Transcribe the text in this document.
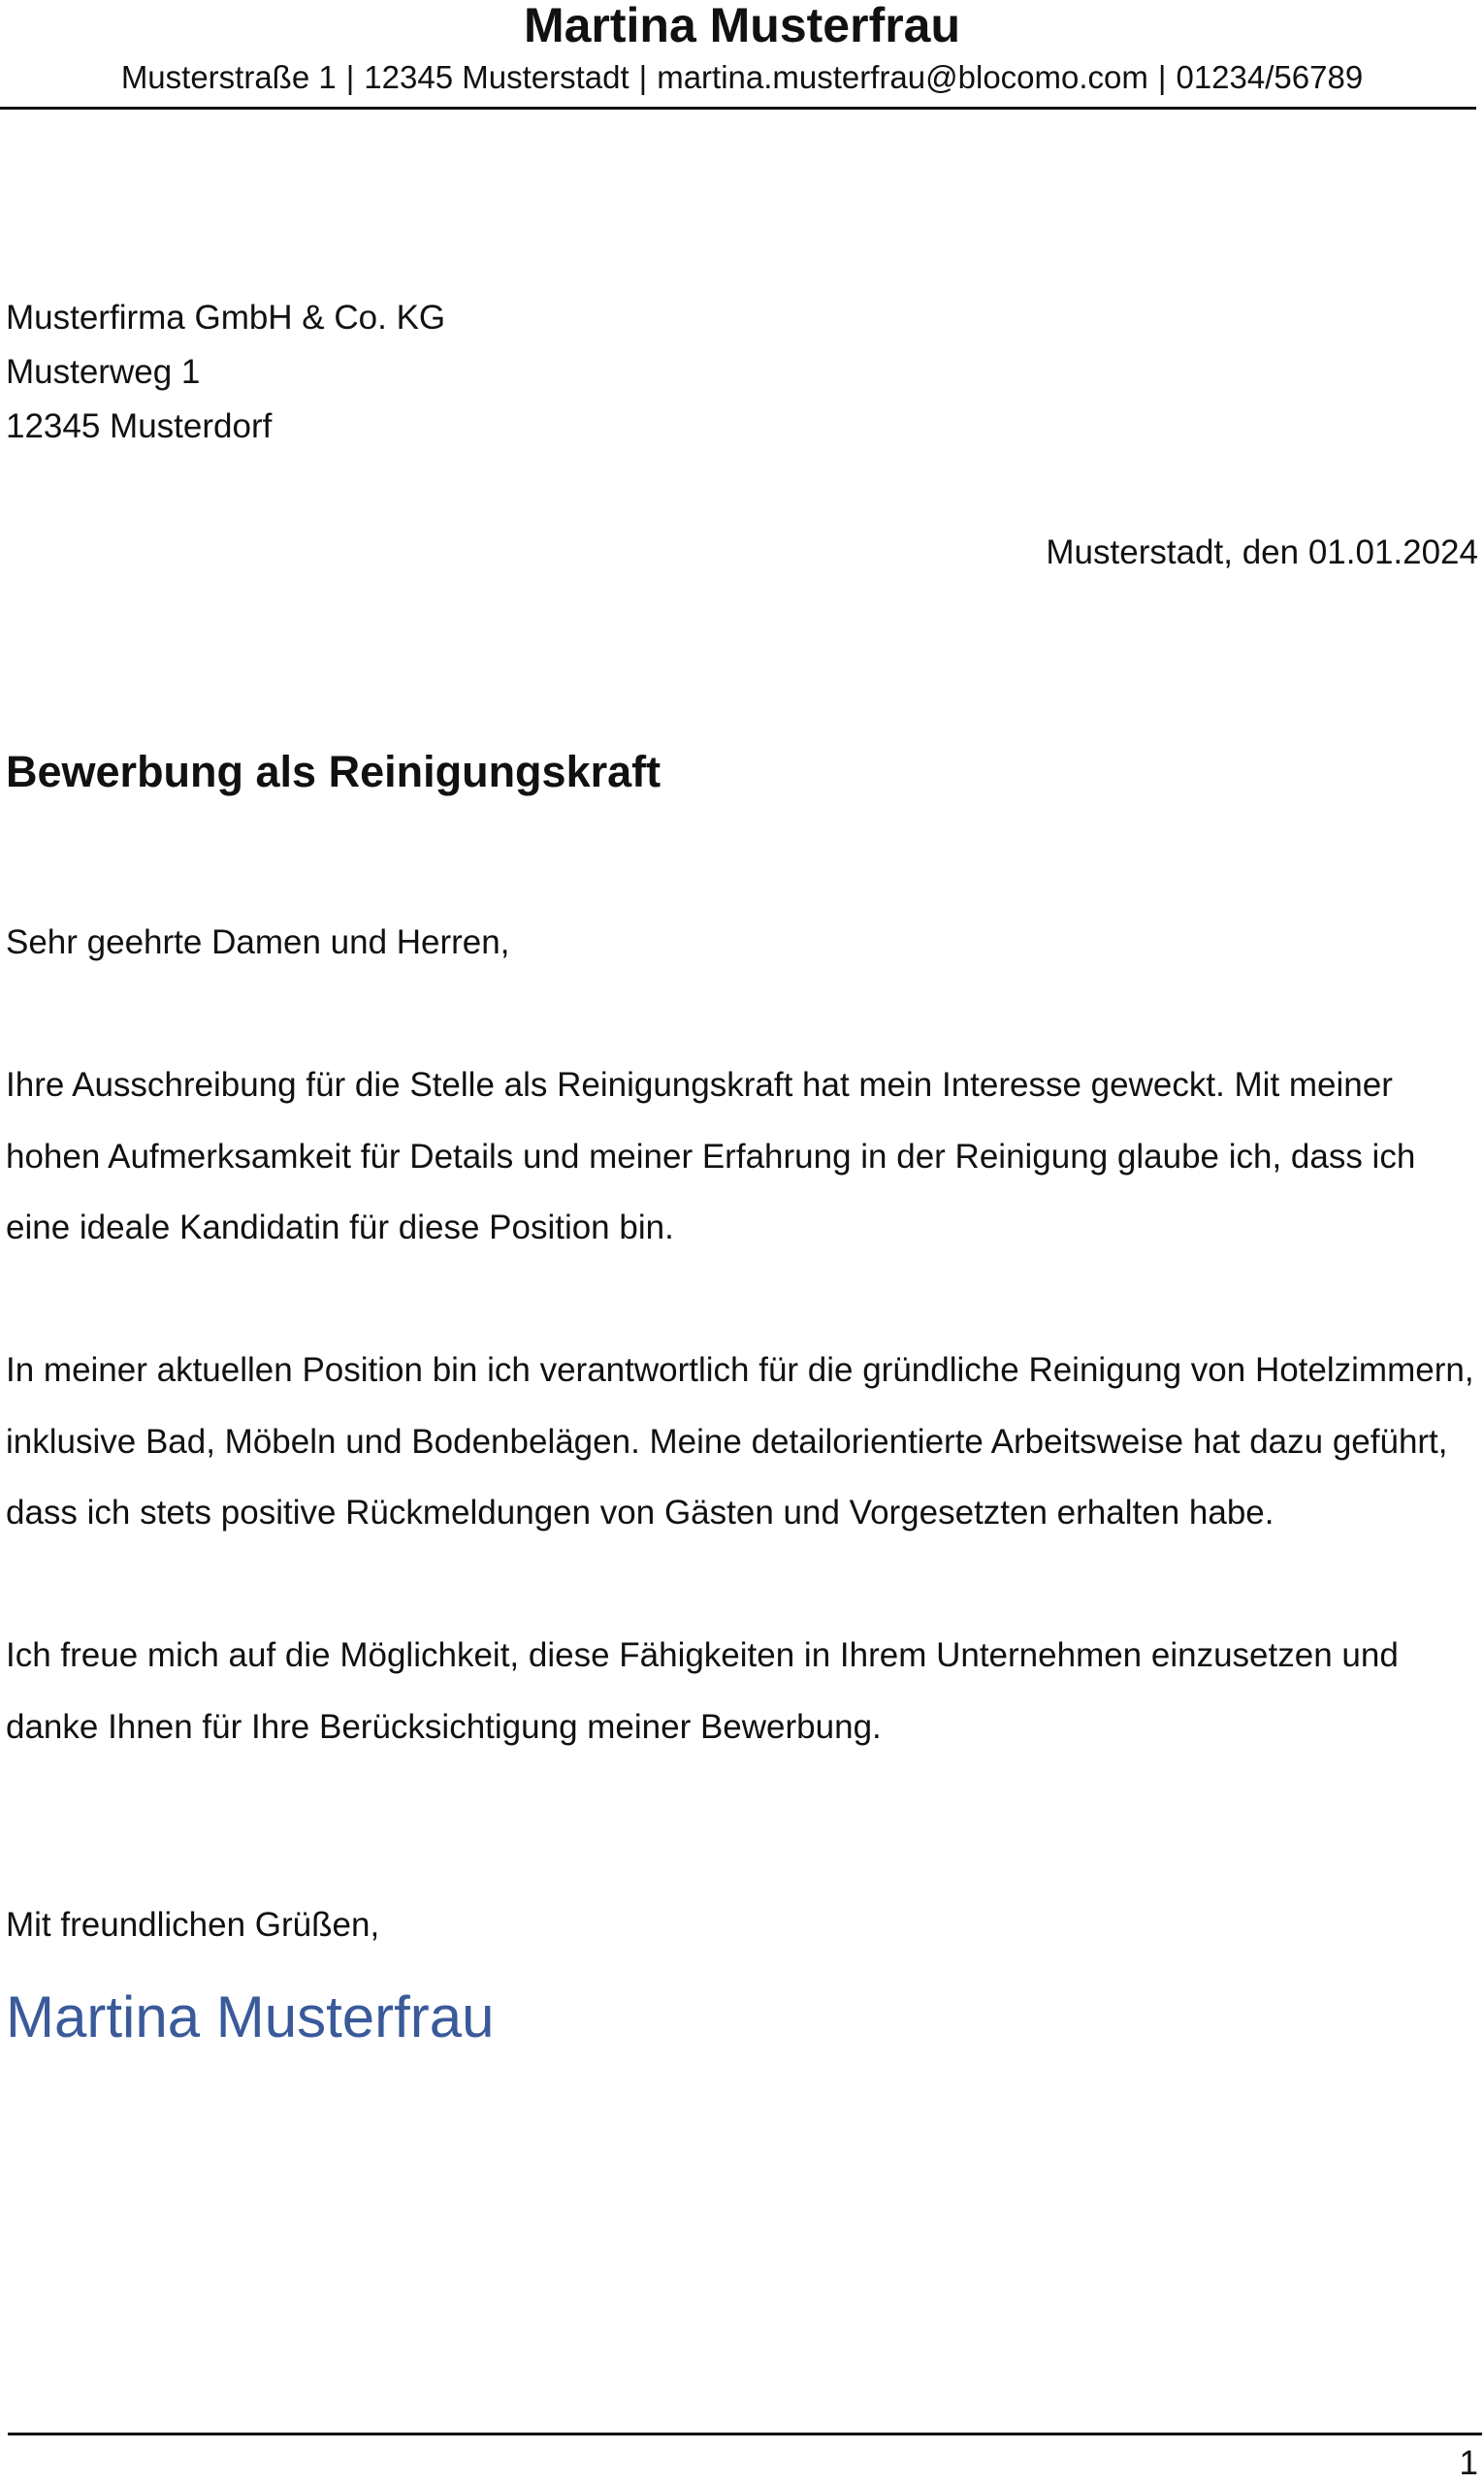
Martina Musterfrau
Musterstraße 1 | 12345 Musterstadt | martina.musterfrau@blocomo.com | 01234/56789
Musterfirma GmbH & Co. KG
Musterweg 1
12345 Musterdorf
Musterstadt, den 01.01.2024
Bewerbung als Reinigungskraft

Sehr geehrte Damen und Herren,

Ihre Ausschreibung für die Stelle als Reinigungskraft hat mein Interesse geweckt. Mit meiner hohen Aufmerksamkeit für Details und meiner Erfahrung in der Reinigung glaube ich, dass ich eine ideale Kandidatin für diese Position bin.

In meiner aktuellen Position bin ich verantwortlich für die gründliche Reinigung von Hotelzimmern, inklusive Bad, Möbeln und Bodenbelägen. Meine detailorientierte Arbeitsweise hat dazu geführt, dass ich stets positive Rückmeldungen von Gästen und Vorgesetzten erhalten habe.

Ich freue mich auf die Möglichkeit, diese Fähigkeiten in Ihrem Unternehmen einzusetzen und danke Ihnen für Ihre Berücksichtigung meiner Bewerbung.

Mit freundlichen Grüßen,
Martina Musterfrau
1
